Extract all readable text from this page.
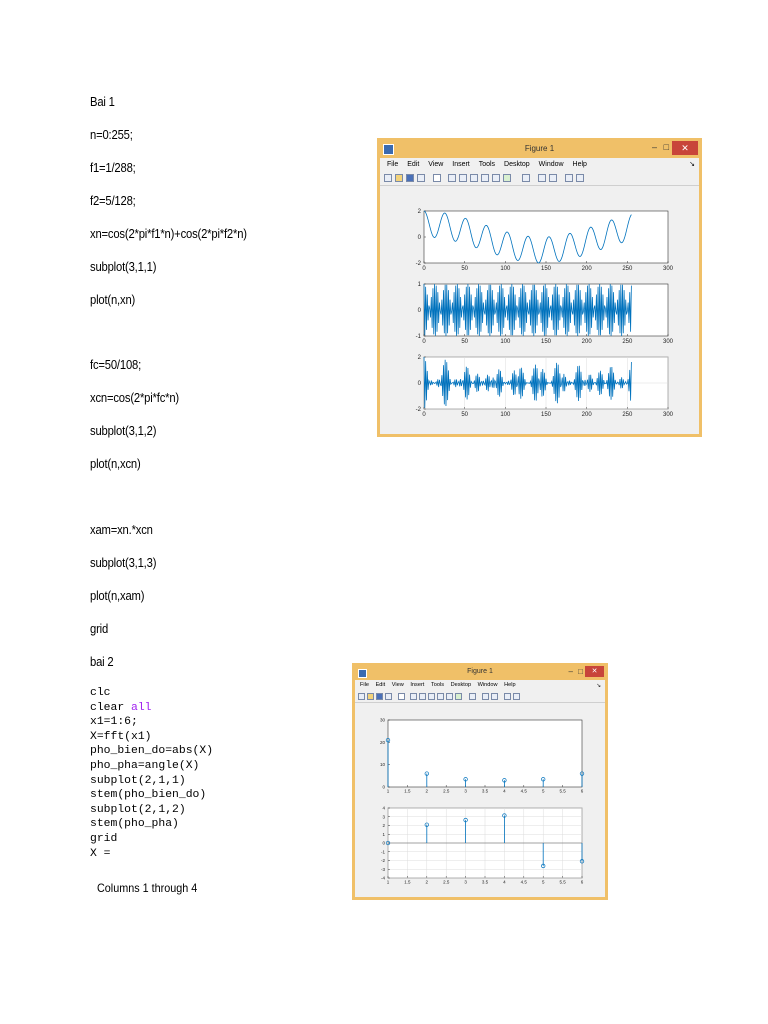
Bai 1
n=0:255;
f1=1/288;
f2=5/128;
xn=cos(2*pi*f1*n)+cos(2*pi*f2*n)
subplot(3,1,1)
plot(n,xn)
fc=50/108;
xcn=cos(2*pi*fc*n)
subplot(3,1,2)
plot(n,xcn)
xam=xn.*xcn
subplot(3,1,3)
plot(n,xam)
grid
bai 2
clc
clear all
x1=1:6;
X=fft(x1)
pho_bien_do=abs(X)
pho_pha=angle(X)
subplot(2,1,1)
stem(pho_bien_do)
subplot(2,1,2)
stem(pho_pha)
grid
X =
Columns 1 through 4
Figure 1	– □	✕
File Edit View Insert Tools Desktop Window Help	↘
0	50	100	150	200	250	300
2
0
-2
0	50	100	150	200	250	300
1
0
-1
0	50	100	150	200	250	300
2
0
-2
Figure 1	– □	✕
File Edit View Insert Tools Desktop Window Help	↘
1	1.5	2	2.5	3	3.5	4	4.5	5	5.5	6
30
20
10
0
1	1.5	2	2.5	3	3.5	4	4.5	5	5.5	6
4
3
2
1
0
-1
-2
-3
-4
